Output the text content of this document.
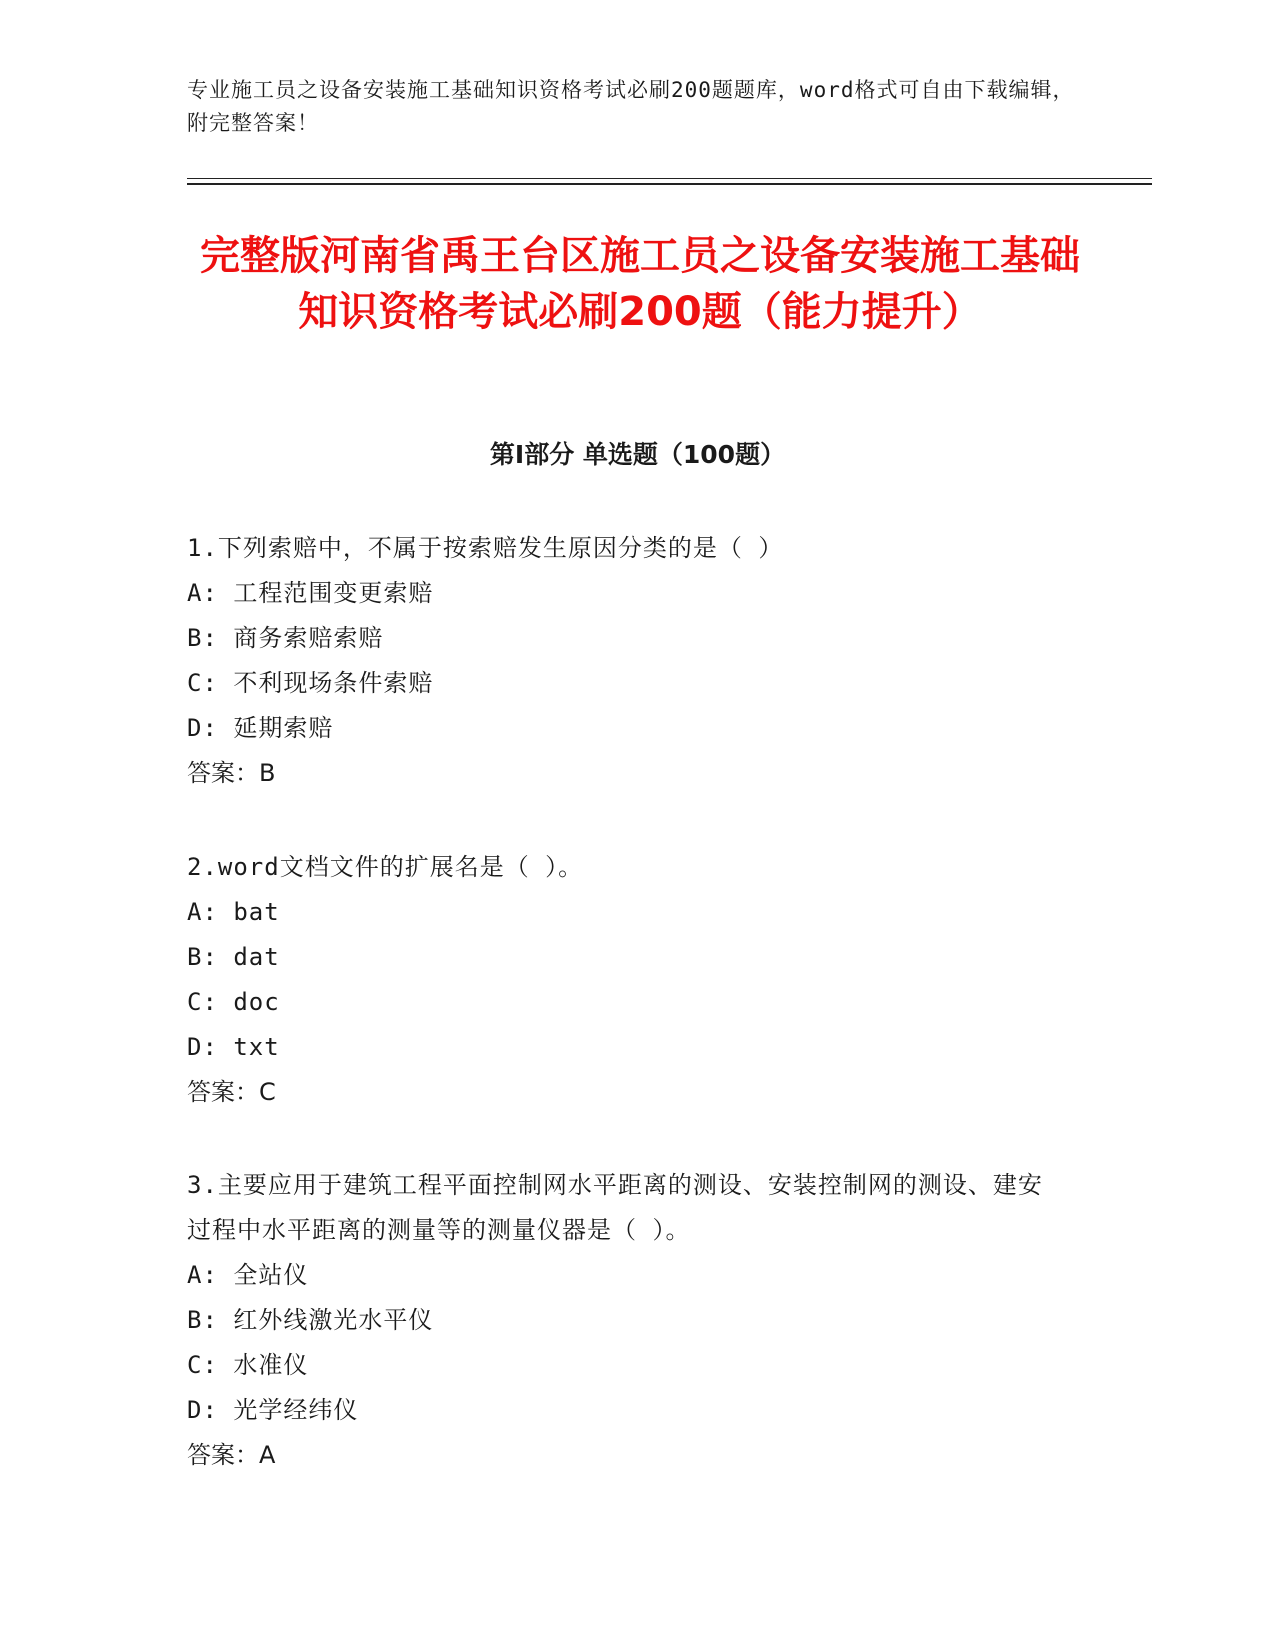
专业施工员之设备安装施工基础知识资格考试必刷200题题库，word格式可自由下载编辑，附完整答案！
完整版河南省禹王台区施工员之设备安装施工基础知识资格考试必刷200题（能力提升）
第I部分 单选题（100题）
1.下列索赔中，不属于按索赔发生原因分类的是（ ）
A: 工程范围变更索赔
B: 商务索赔索赔
C: 不利现场条件索赔
D: 延期索赔
答案：B
2.word文档文件的扩展名是（ ）。
A: bat
B: dat
C: doc
D: txt
答案：C
3.主要应用于建筑工程平面控制网水平距离的测设、安装控制网的测设、建安过程中水平距离的测量等的测量仪器是（ ）。
A: 全站仪
B: 红外线激光水平仪
C: 水准仪
D: 光学经纬仪
答案：A
